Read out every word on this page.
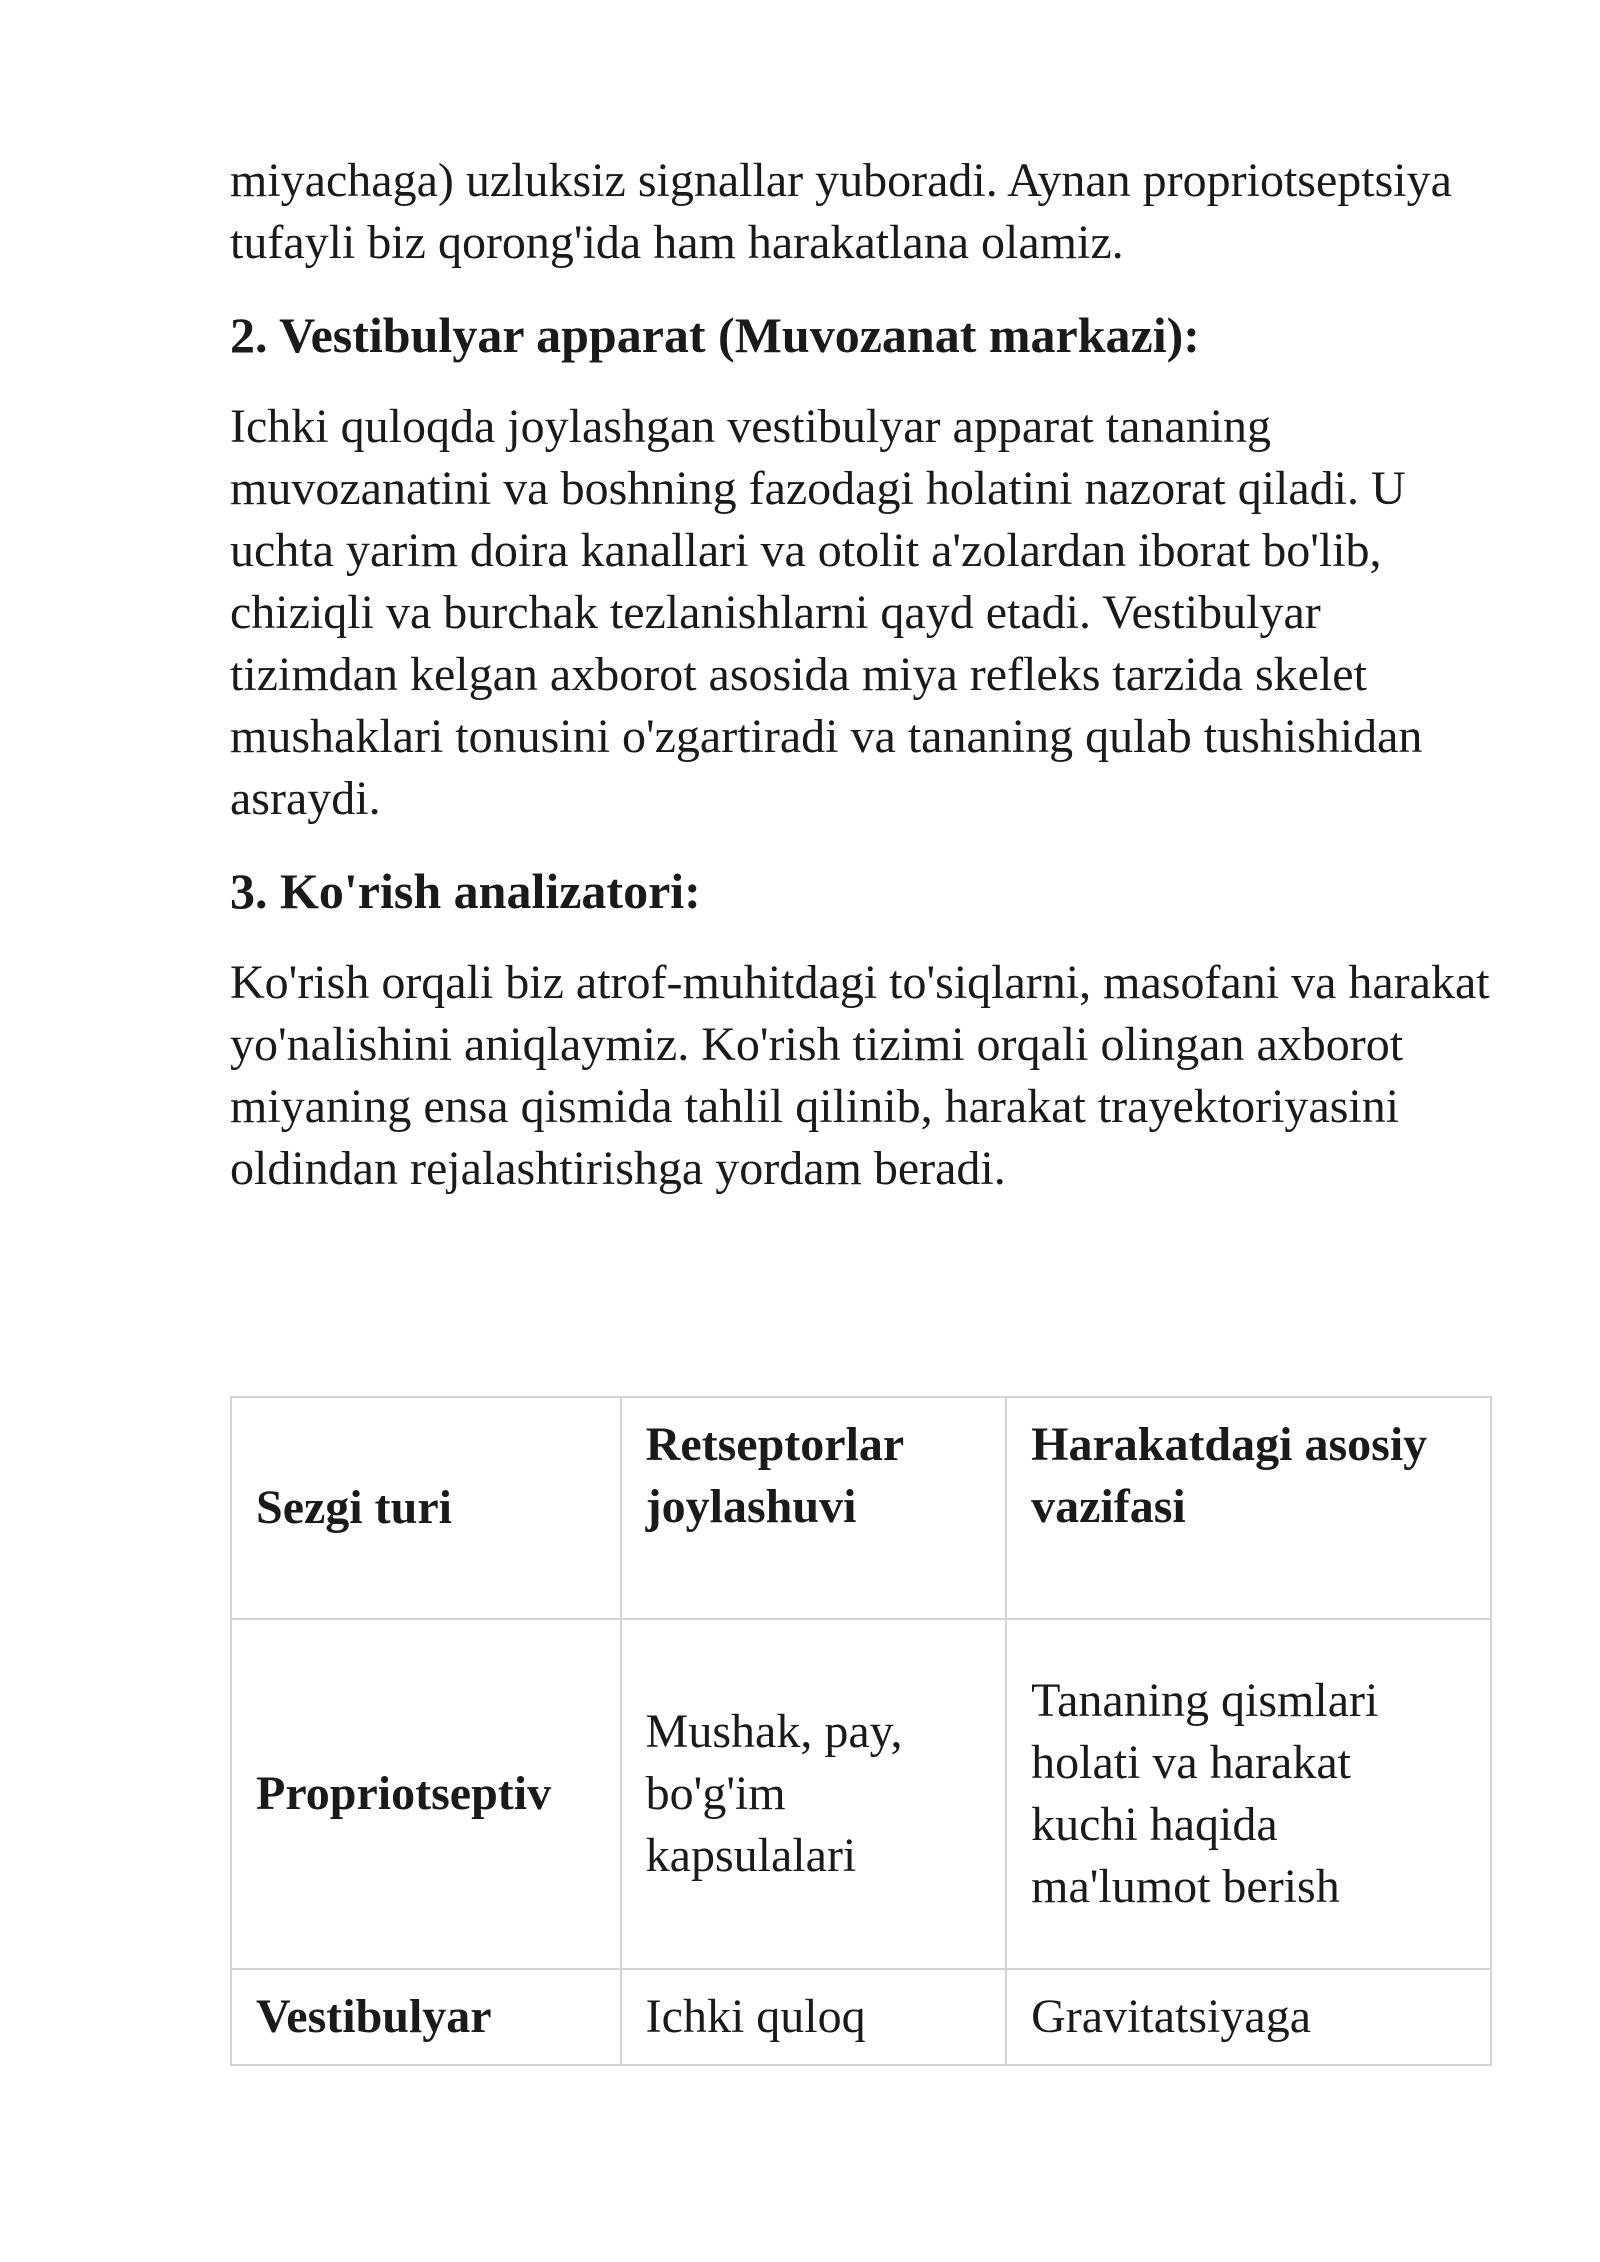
miyachaga) uzluksiz signallar yuboradi. Aynan propriotseptsiya tufayli biz qorong'ida ham harakatlana olamiz.

2. Vestibulyar apparat (Muvozanat markazi):

Ichki quloqda joylashgan vestibulyar apparat tananing muvozanatini va boshning fazodagi holatini nazorat qiladi. U uchta yarim doira kanallari va otolit a'zolardan iborat bo'lib, chiziqli va burchak tezlanishlarni qayd etadi. Vestibulyar tizimdan kelgan axborot asosida miya refleks tarzida skelet mushaklari tonusini o'zgartiradi va tananing qulab tushishidan asraydi.

3. Ko'rish analizatori:

Ko'rish orqali biz atrof-muhitdagi to'siqlarni, masofani va harakat yo'nalishini aniqlaymiz. Ko'rish tizimi orqali olingan axborot miyaning ensa qismida tahlil qilinib, harakat trayektoriyasini oldindan rejalashtirishga yordam beradi.

Sezgi turi	Retseptorlar joylashuvi	Harakatdagi asosiy vazifasi
Propriotseptiv	Mushak, pay, bo'g'im kapsulalari	Tananing qismlari holati va harakat kuchi haqida ma'lumot berish
Vestibulyar	Ichki quloq	Gravitatsiyaga
